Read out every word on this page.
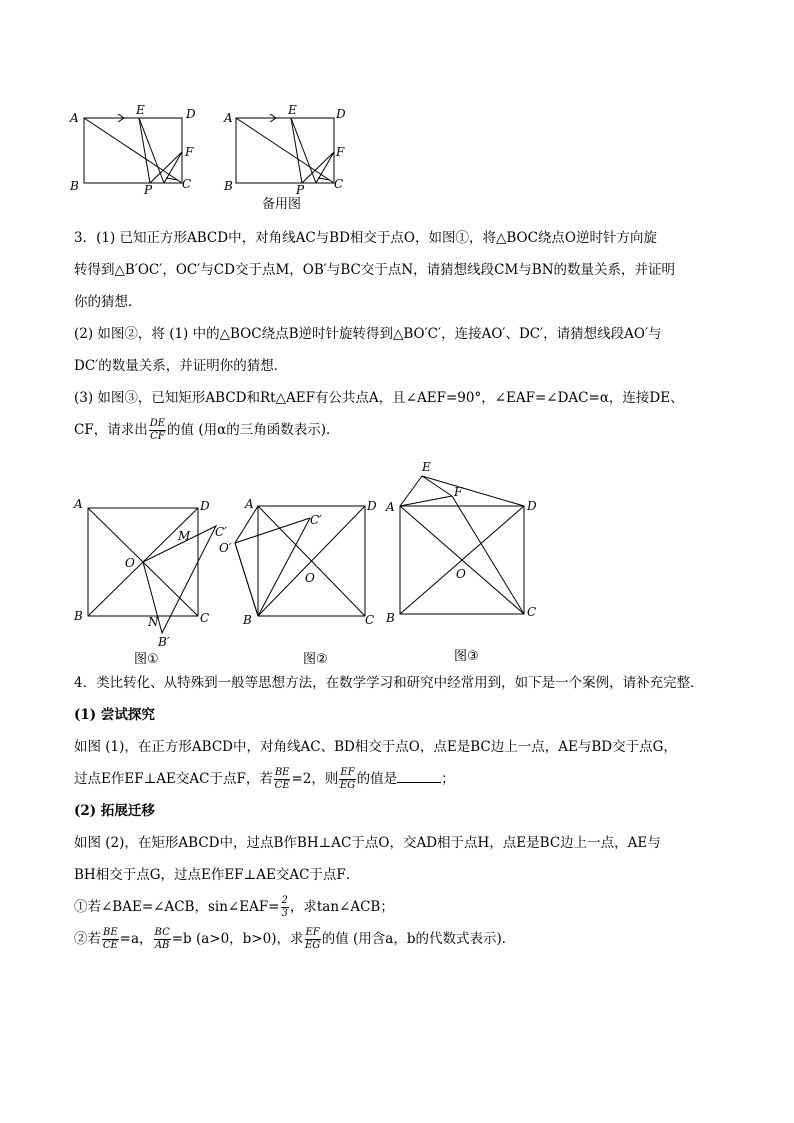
A
E	D
F
B	P C
A
E	D
F
B	P C
备用图
3．(1) 已知正方形ABCD中，对角线AC与BD相交于点O，如图①，将△BOC绕点O逆时针方向旋
转得到△B′OC′，OC′与CD交于点M，OB′与BC交于点N，请猜想线段CM与BN的数量关系，并证明
你的猜想．
(2) 如图②，将 (1) 中的△BOC绕点B逆时针旋转得到△BO′C′，连接AO′、DC′，请猜想线段AO′与
DC′的数量关系，并证明你的猜想．
(3) 如图③，已知矩形ABCD和Rt△AEF有公共点A，且∠AEF=90°，∠EAF=∠DAC=α，连接DE、
CF，请求出 $\frac{DE}{CF}$ 的值 (用α的三角函数表示)．
A	D
O
M C′
B	C
N
B′
图①
A	D
C′
O′
O
B	C
图②
E
F
A	D
O
B	C
图③
4．类比转化、从特殊到一般等思想方法，在数学学习和研究中经常用到，如下是一个案例，请补充完整．
(1) 尝试探究
如图 (1)，在正方形ABCD中，对角线AC、BD相交于点O，点E是BC边上一点，AE与BD交于点G，
过点E作EF⊥AE交AC于点F，若 $\frac{BE}{CE} =2$，则 $\frac{EF}{EG}$ 的值是	；
(2) 拓展迁移
如图 (2)，在矩形ABCD中，过点B作BH⊥AC于点O，交AD相于点H，点E是BC边上一点，AE与
BH相交于点G，过点E作EF⊥AE交AC于点F．
①若∠BAE=∠ACB，sin∠EAF= $\frac{2}{3}$ ，求tan∠ACB；
②若 $\frac{BE}{CE} =a$， $\frac{BC}{AB} =b$ (a>0，b>0)，求 $\frac{EF}{EG}$ 的值 (用含a，b的代数式表示)．
